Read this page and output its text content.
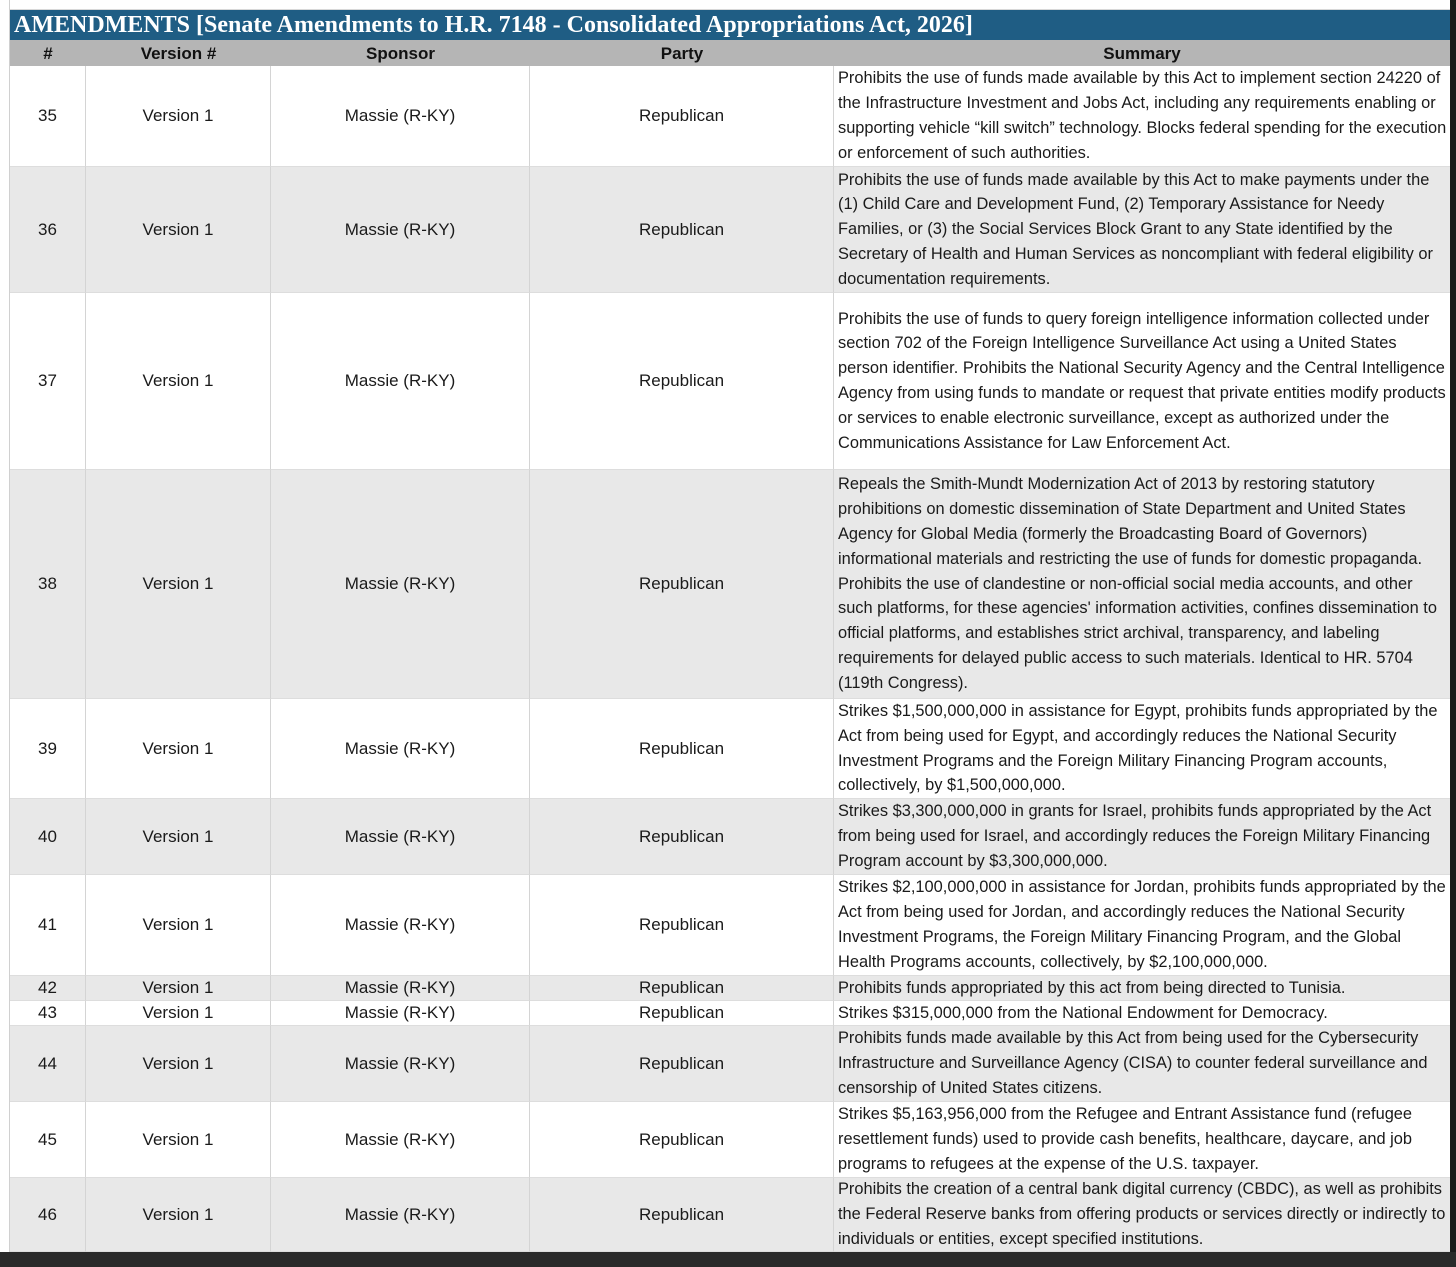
AMENDMENTS [Senate Amendments to H.R. 7148 - Consolidated Appropriations Act, 2026]
#	Version #	Sponsor	Party	Summary
35	Version 1	Massie (R-KY)	Republican
Prohibits the use of funds made available by this Act to implement section 24220 of the Infrastructure Investment and Jobs Act, including any requirements enabling or supporting vehicle “kill switch” technology. Blocks federal spending for the execution or enforcement of such authorities.
36	Version 1	Massie (R-KY)	Republican
Prohibits the use of funds made available by this Act to make payments under the (1) Child Care and Development Fund, (2) Temporary Assistance for Needy Families, or (3) the Social Services Block Grant to any State identified by the Secretary of Health and Human Services as noncompliant with federal eligibility or documentation requirements.
37	Version 1	Massie (R-KY)	Republican
Prohibits the use of funds to query foreign intelligence information collected under section 702 of the Foreign Intelligence Surveillance Act using a United States person identifier. Prohibits the National Security Agency and the Central Intelligence Agency from using funds to mandate or request that private entities modify products or services to enable electronic surveillance, except as authorized under the Communications Assistance for Law Enforcement Act.
38	Version 1	Massie (R-KY)	Republican
Repeals the Smith-Mundt Modernization Act of 2013 by restoring statutory prohibitions on domestic dissemination of State Department and United States Agency for Global Media (formerly the Broadcasting Board of Governors) informational materials and restricting the use of funds for domestic propaganda. Prohibits the use of clandestine or non-official social media accounts, and other such platforms, for these agencies' information activities, confines dissemination to official platforms, and establishes strict archival, transparency, and labeling requirements for delayed public access to such materials. Identical to HR. 5704 (119th Congress).
39	Version 1	Massie (R-KY)	Republican
Strikes $1,500,000,000 in assistance for Egypt, prohibits funds appropriated by the Act from being used for Egypt, and accordingly reduces the National Security Investment Programs and the Foreign Military Financing Program accounts, collectively, by $1,500,000,000.
40	Version 1	Massie (R-KY)	Republican
Strikes $3,300,000,000 in grants for Israel, prohibits funds appropriated by the Act from being used for Israel, and accordingly reduces the Foreign Military Financing Program account by $3,300,000,000.
41	Version 1	Massie (R-KY)	Republican
Strikes $2,100,000,000 in assistance for Jordan, prohibits funds appropriated by the Act from being used for Jordan, and accordingly reduces the National Security Investment Programs, the Foreign Military Financing Program, and the Global Health Programs accounts, collectively, by $2,100,000,000.
42	Version 1	Massie (R-KY)	Republican	Prohibits funds appropriated by this act from being directed to Tunisia.
43	Version 1	Massie (R-KY)	Republican	Strikes $315,000,000 from the National Endowment for Democracy.
44	Version 1	Massie (R-KY)	Republican
Prohibits funds made available by this Act from being used for the Cybersecurity Infrastructure and Surveillance Agency (CISA) to counter federal surveillance and censorship of United States citizens.
45	Version 1	Massie (R-KY)	Republican
Strikes $5,163,956,000 from the Refugee and Entrant Assistance fund (refugee resettlement funds) used to provide cash benefits, healthcare, daycare, and job programs to refugees at the expense of the U.S. taxpayer.
46	Version 1	Massie (R-KY)	Republican
Prohibits the creation of a central bank digital currency (CBDC), as well as prohibits the Federal Reserve banks from offering products or services directly or indirectly to individuals or entities, except specified institutions.
